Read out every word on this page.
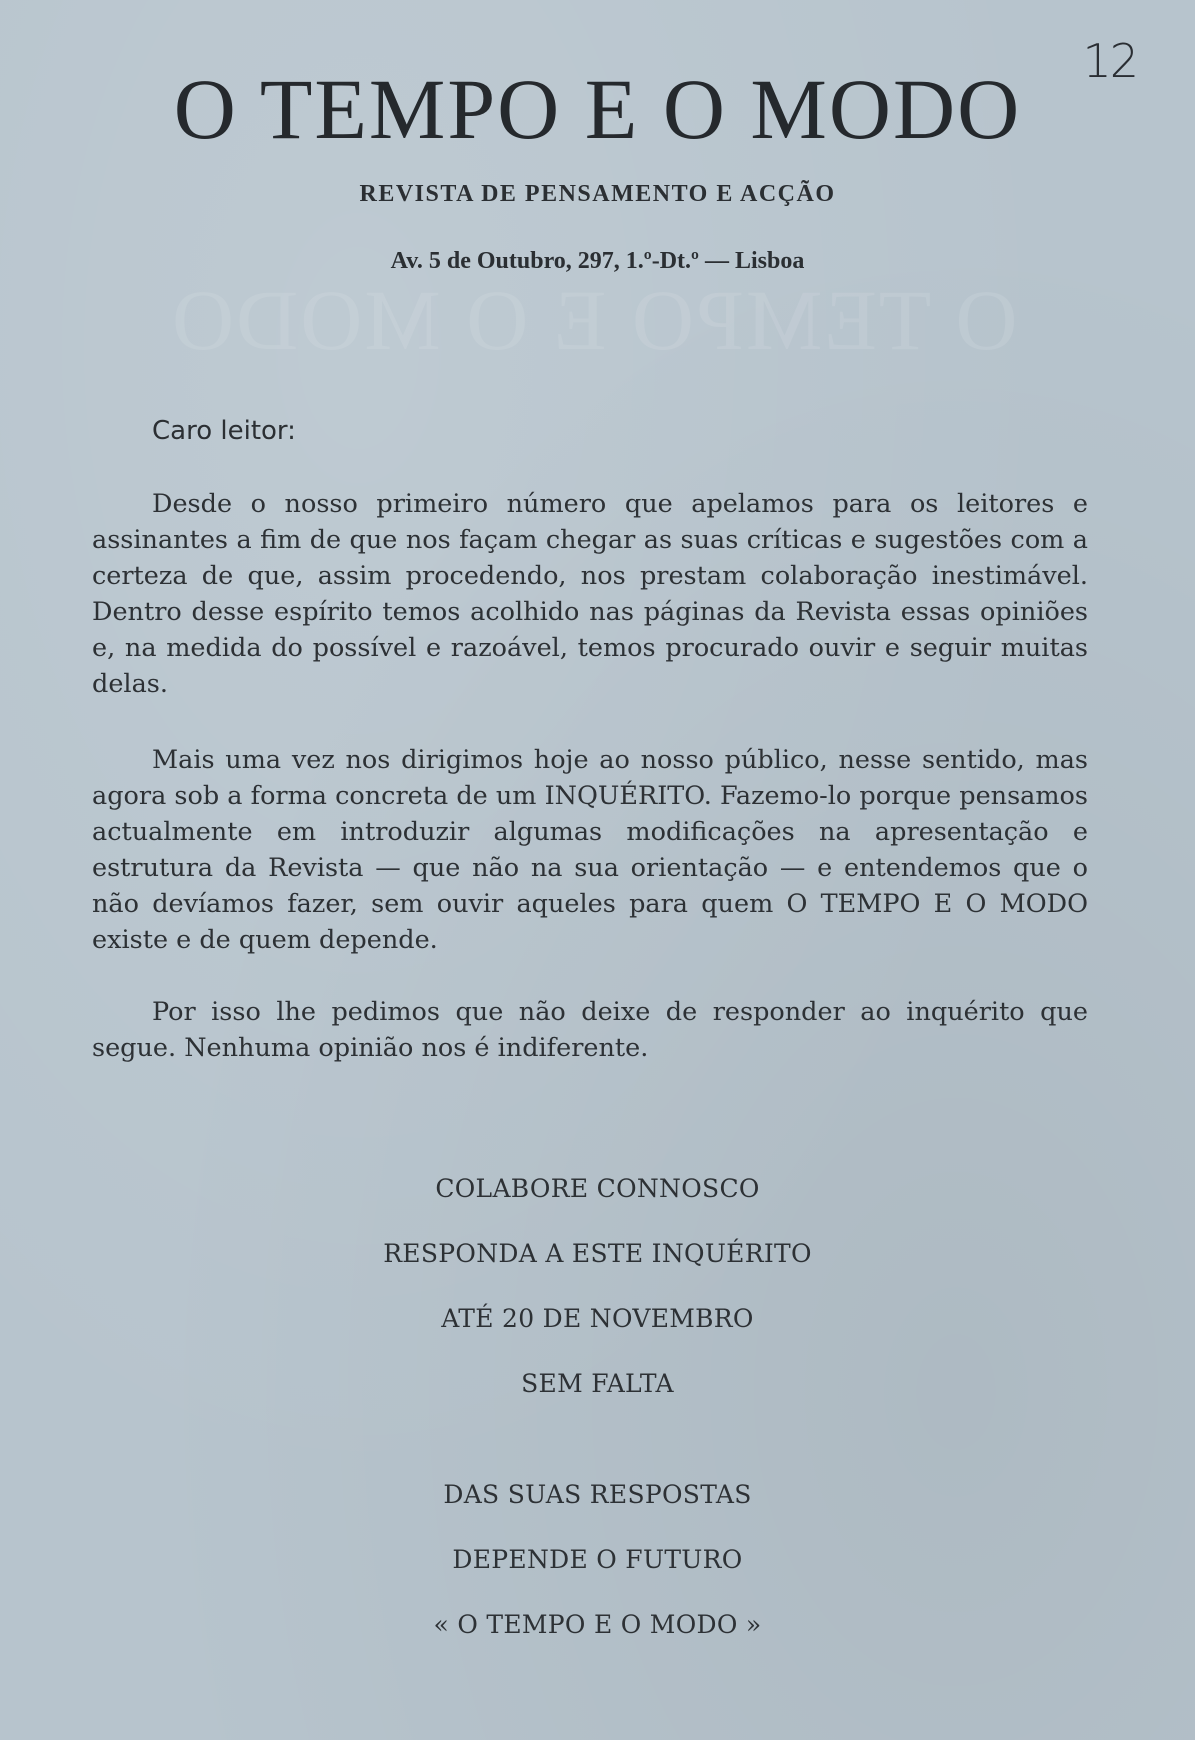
O TEMPO E O MODO
12
O TEMPO E O MODO
REVISTA DE PENSAMENTO E ACÇÃO
Av. 5 de Outubro, 297, 1.º-Dt.º — Lisboa
Caro leitor:

Desde o nosso primeiro número que apelamos para os leitores e assinantes a fim de que nos façam chegar as suas críticas e sugestões com a certeza de que, assim procedendo, nos prestam colaboração inestimável. Dentro desse espírito temos acolhido nas páginas da Revista essas opiniões e, na medida do possível e razoável, temos procurado ouvir e seguir muitas delas.

Mais uma vez nos dirigimos hoje ao nosso público, nesse sentido, mas agora sob a forma concreta de um INQUÉRITO. Fazemo-lo porque pensamos actualmente em introduzir algumas modificações na apresentação e estrutura da Revista — que não na sua orientação — e entendemos que o não devíamos fazer, sem ouvir aqueles para quem O TEMPO E O MODO existe e de quem depende.

Por isso lhe pedimos que não deixe de responder ao inquérito que segue. Nenhuma opinião nos é indiferente.

COLABORE CONNOSCO
RESPONDA A ESTE INQUÉRITO
ATÉ 20 DE NOVEMBRO
SEM FALTA
DAS SUAS RESPOSTAS
DEPENDE O FUTURO
« O TEMPO E O MODO »
